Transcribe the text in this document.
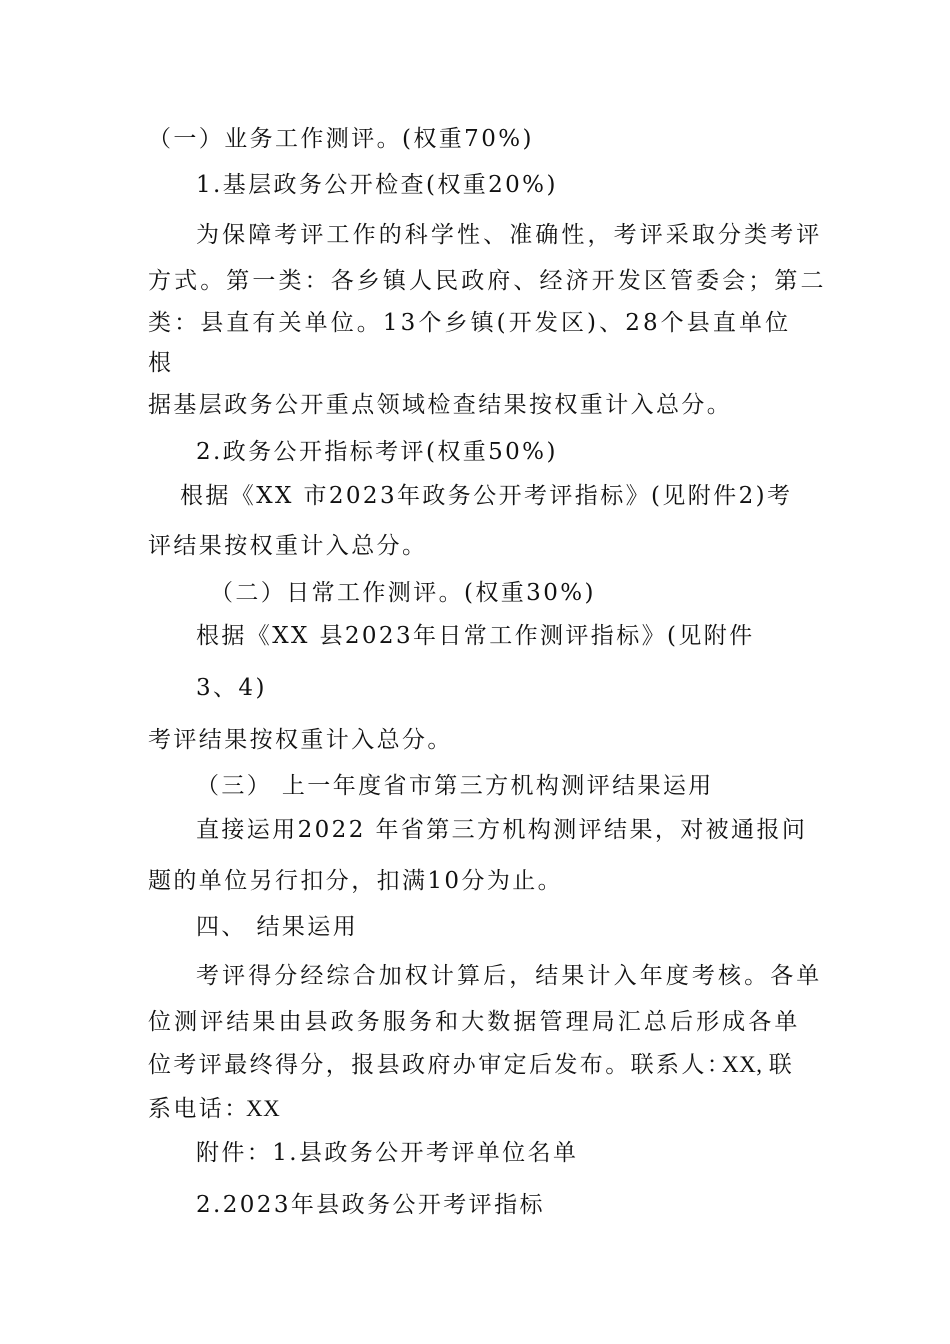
（一）业务工作测评。(权重70%)
1.基层政务公开检查(权重20%)
为保障考评工作的科学性、准确性，考评采取分类考评
方式。第一类：各乡镇人民政府、经济开发区管委会；第二
类：县直有关单位。13个乡镇(开发区)、28个县直单位
根
据基层政务公开重点领域检查结果按权重计入总分。
2.政务公开指标考评(权重50%)
根据《XX 市2023年政务公开考评指标》(见附件2)考
评结果按权重计入总分。
（二）日常工作测评。(权重30%)
根据《XX 县2023年日常工作测评指标》(见附件
3、4)
考评结果按权重计入总分。
（三） 上一年度省市第三方机构测评结果运用
直接运用2022 年省第三方机构测评结果，对被通报问
题的单位另行扣分，扣满10分为止。
四、 结果运用
考评得分经综合加权计算后，结果计入年度考核。各单
位测评结果由县政务服务和大数据管理局汇总后形成各单
位考评最终得分，报县政府办审定后发布。联系人：
XX, 联
系电话：
XX
附件：1.县政务公开考评单位名单
2.2023年县政务公开考评指标
